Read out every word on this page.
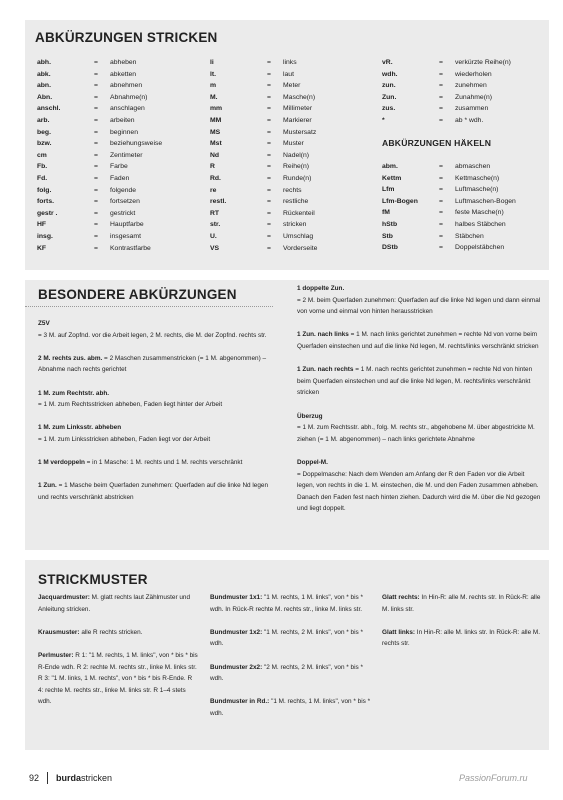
ABKÜRZUNGEN STRICKEN
abh.	= abheben
abk.	= abketten
abn.	= abnehmen
Abn.	= Abnahme(n)
anschl.	= anschlagen
arb.	= arbeiten
beg.	= beginnen
bzw.	= beziehungsweise
cm	= Zentimeter
Fb.	= Farbe
Fd.	= Faden
folg.	= folgende
forts.	= fortsetzen
gestr .	= gestrickt
HF	= Hauptfarbe
insg.	= insgesamt
KF	= Kontrastfarbe
li	= links
lt.	= laut
m	= Meter
M.	= Masche(n)
mm	= Millimeter
MM	= Markierer
MS	= Mustersatz
Mst	= Muster
Nd	= Nadel(n)
R	= Reihe(n)
Rd.	= Runde(n)
re	= rechts
restl.	= restliche
RT	= Rückenteil
str.	= stricken
U.	= Umschlag
VS	= Vorderseite
vR.	= verkürzte Reihe(n)
wdh.	= wiederholen
zun.	= zunehmen
Zun.	= Zunahme(n)
zus.	= zusammen
*	= ab * wdh.
ABKÜRZUNGEN HÄKELN
abm.	= abmaschen
Kettm	= Kettmasche(n)
Lfm	= Luftmasche(n)
Lfm-Bogen	= Luftmaschen-Bogen
fM	= feste Masche(n)
hStb	= halbes Stäbchen
Stb	= Stäbchen
DStb	= Doppelstäbchen
BESONDERE ABKÜRZUNGEN
Z5V
= 3 M. auf Zopfnd. vor die Arbeit legen, 2 M. rechts, die M. der Zopfnd. rechts str.
2 M. rechts zus. abm. = 2 Maschen zusammenstricken (= 1 M. abgenommen) – Abnahme nach rechts gerichtet
1 M. zum Rechtstr. abh.
= 1 M. zum Rechtsstricken abheben, Faden liegt hinter der Arbeit
1 M. zum Linksstr. abheben
= 1 M. zum Linksstricken abheben, Faden liegt vor der Arbeit
1 M verdoppeln = in 1 Masche: 1 M. rechts und 1 M. rechts verschränkt
1 Zun. = 1 Masche beim Querfaden zunehmen: Querfaden auf die linke Nd legen und rechts verschränkt abstricken
1 doppelte Zun.
= 2 M. beim Querfaden zunehmen: Querfaden auf die linke Nd legen und dann einmal von vorne und einmal von hinten herausstricken
1 Zun. nach links = 1 M. nach links gerichtet zunehmen = rechte Nd von vorne beim Querfaden einstechen und auf die linke Nd legen, M. rechts/links verschränkt stricken
1 Zun. nach rechts = 1 M. nach rechts gerichtet zunehmen = rechte Nd von hinten beim Querfaden einstechen und auf die linke Nd legen, M. rechts/links verschränkt stricken
Überzug
= 1 M. zum Rechtsstr. abh., folg. M. rechts str., abgehobene M. über abgestrickte M. ziehen (= 1 M. abgenommen) – nach links gerichtete Abnahme
Doppel-M.
= Doppelmasche: Nach dem Wenden am Anfang der R den Faden vor die Arbeit legen, von rechts in die 1. M. einstechen, die M. und den Faden zusammen abheben. Danach den Faden fest nach hinten ziehen. Dadurch wird die M. über die Nd gezogen und liegt doppelt.
STRICKMUSTER
Jacquardmuster: M. glatt rechts laut Zählmuster und Anleitung stricken.
Krausmuster: alle R rechts stricken.
Perlmuster: R 1: "1 M. rechts, 1 M. links", von * bis * bis R-Ende wdh. R 2: rechte M. rechts str., linke M. links str. R 3: "1 M. links, 1 M. rechts", von * bis * bis R-Ende. R 4: rechte M. rechts str., linke M. links str. R 1–4 stets wdh.
Bundmuster 1x1: "1 M. rechts, 1 M. links", von * bis * wdh. In Rück-R rechte M. rechts str., linke M. links str.
Bundmuster 1x2: "1 M. rechts, 2 M. links", von * bis * wdh.
Bundmuster 2x2: "2 M. rechts, 2 M. links", von * bis * wdh.
Bundmuster in Rd.: "1 M. rechts, 1 M. links", von * bis * wdh.
Glatt rechts: In Hin-R: alle M. rechts str. In Rück-R: alle M. links str.
Glatt links: In Hin-R: alle M. links str. In Rück-R: alle M. rechts str.
92 burdastricken	PassionForum.ru
